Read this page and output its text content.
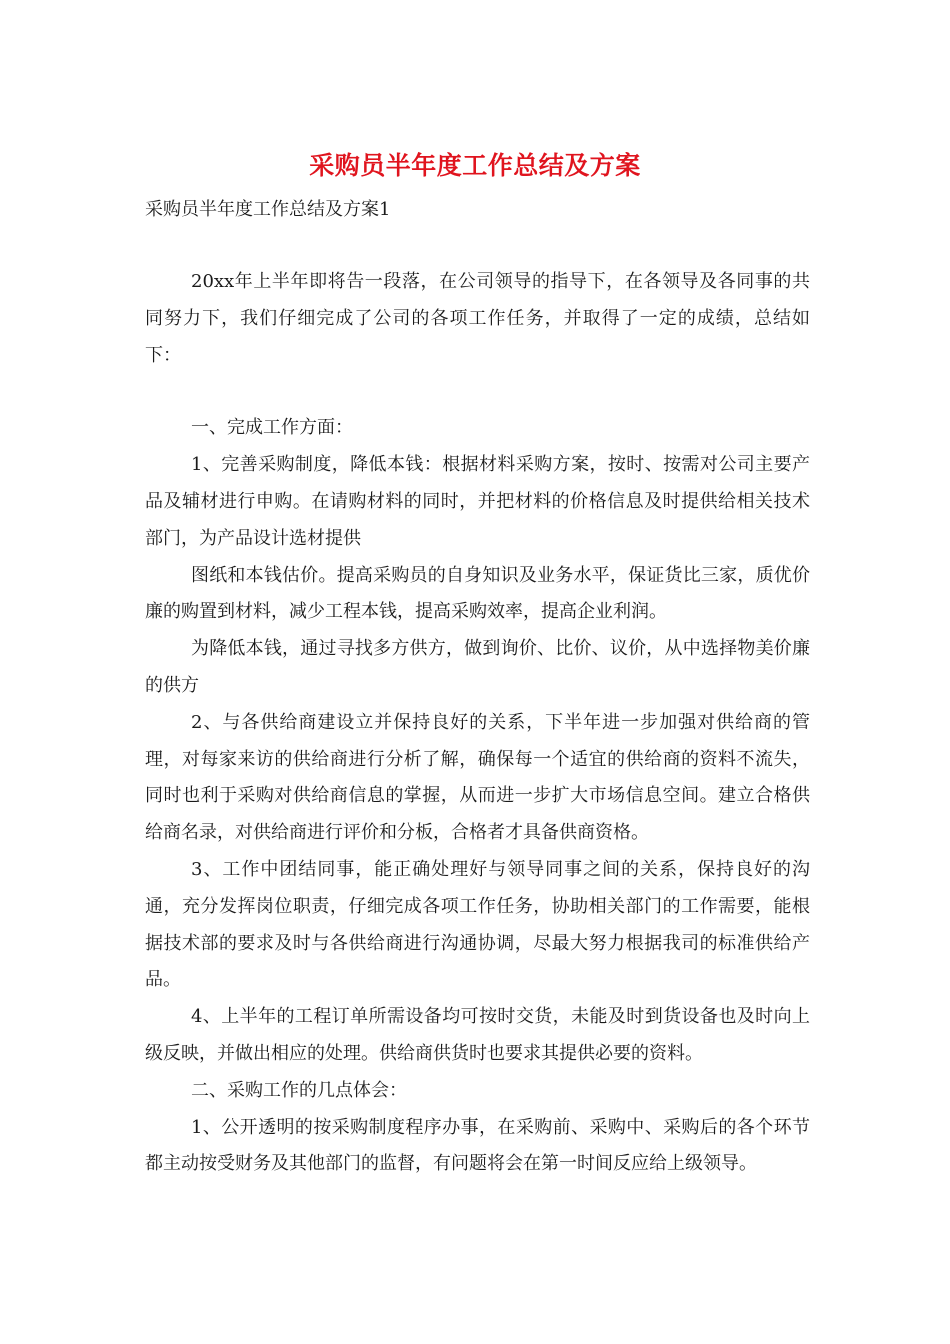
采购员半年度工作总结及方案

采购员半年度工作总结及方案1

20xx年上半年即将告一段落，在公司领导的指导下，在各领导及各同事的共同努力下，我们仔细完成了公司的各项工作任务，并取得了一定的成绩，总结如下：

一、完成工作方面：

1、完善采购制度，降低本钱：根据材料采购方案，按时、按需对公司主要产品及辅材进行申购。在请购材料的同时，并把材料的价格信息及时提供给相关技术部门，为产品设计选材提供

图纸和本钱估价。提高采购员的自身知识及业务水平，保证货比三家，质优价廉的购置到材料，减少工程本钱，提高采购效率，提高企业利润。

为降低本钱，通过寻找多方供方，做到询价、比价、议价，从中选择物美价廉的供方

2、与各供给商建设立并保持良好的关系，下半年进一步加强对供给商的管理，对每家来访的供给商进行分析了解，确保每一个适宜的供给商的资料不流失，同时也利于采购对供给商信息的掌握，从而进一步扩大市场信息空间。建立合格供给商名录，对供给商进行评价和分板，合格者才具备供商资格。

3、工作中团结同事，能正确处理好与领导同事之间的关系，保持良好的沟通，充分发挥岗位职责，仔细完成各项工作任务，协助相关部门的工作需要，能根据技术部的要求及时与各供给商进行沟通协调，尽最大努力根据我司的标准供给产品。

4、上半年的工程订单所需设备均可按时交货，未能及时到货设备也及时向上级反映，并做出相应的处理。供给商供货时也要求其提供必要的资料。

二、采购工作的几点体会：

1、公开透明的按采购制度程序办事，在采购前、采购中、采购后的各个环节都主动按受财务及其他部门的监督，有问题将会在第一时间反应给上级领导。
